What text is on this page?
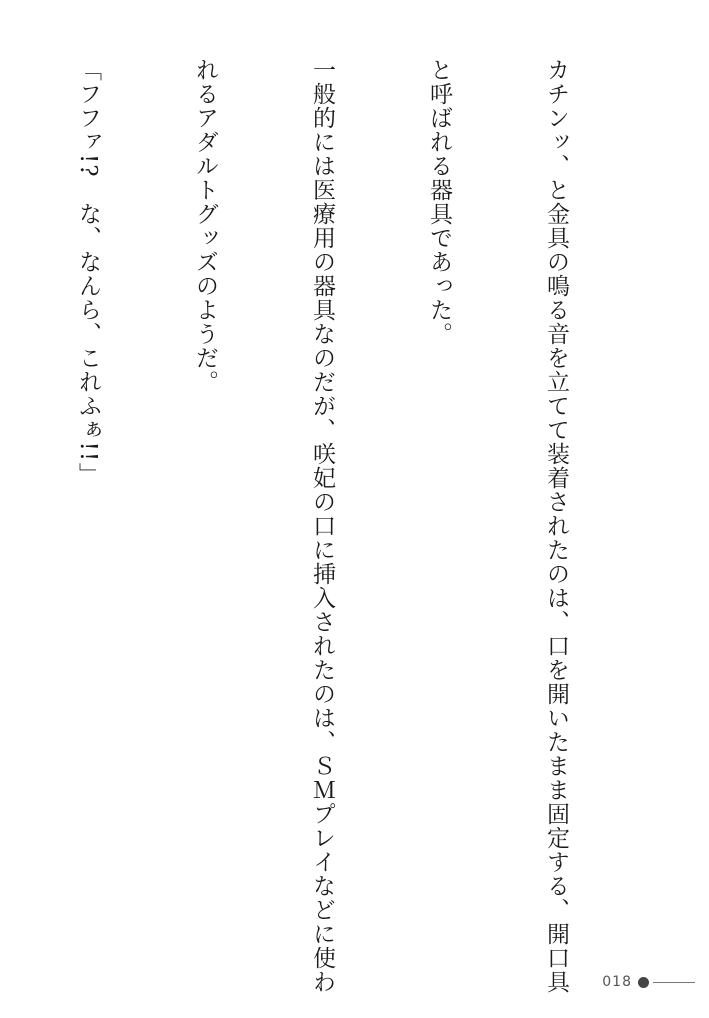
カチンッ、と金具の鳴る音を立てて装着されたのは、口を開いたまま固定する、開口具

と呼ばれる器具であった。

一般的には医療用の器具なのだが、咲妃の口に挿入されたのは、ＳＭプレイなどに使わ

れるアダルトグッズのようだ。

「フファ!?　な、なんら、これふぁ!!」

018
